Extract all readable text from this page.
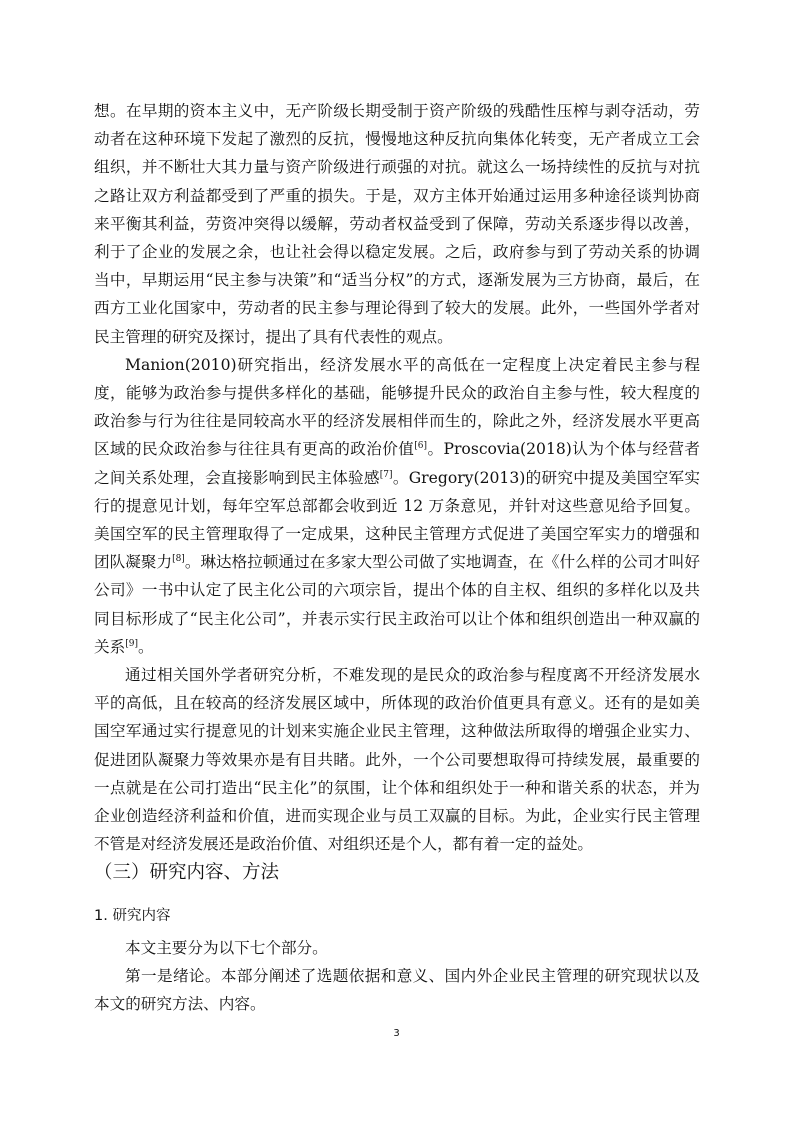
想。在早期的资本主义中，无产阶级长期受制于资产阶级的残酷性压榨与剥夺活动，劳动者在这种环境下发起了激烈的反抗，慢慢地这种反抗向集体化转变，无产者成立工会组织，并不断壮大其力量与资产阶级进行顽强的对抗。就这么一场持续性的反抗与对抗之路让双方利益都受到了严重的损失。于是，双方主体开始通过运用多种途径谈判协商来平衡其利益，劳资冲突得以缓解，劳动者权益受到了保障，劳动关系逐步得以改善，利于了企业的发展之余，也让社会得以稳定发展。之后，政府参与到了劳动关系的协调当中，早期运用“民主参与决策”和“适当分权”的方式，逐渐发展为三方协商，最后，在西方工业化国家中，劳动者的民主参与理论得到了较大的发展。此外，一些国外学者对民主管理的研究及探讨，提出了具有代表性的观点。

Manion(2010)研究指出，经济发展水平的高低在一定程度上决定着民主参与程度，能够为政治参与提供多样化的基础，能够提升民众的政治自主参与性，较大程度的政治参与行为往往是同较高水平的经济发展相伴而生的，除此之外，经济发展水平更高区域的民众政治参与往往具有更高的政治价值[6]。Proscovia(2018)认为个体与经营者之间关系处理，会直接影响到民主体验感[7]。Gregory(2013)的研究中提及美国空军实行的提意见计划，每年空军总部都会收到近 12 万条意见，并针对这些意见给予回复。美国空军的民主管理取得了一定成果，这种民主管理方式促进了美国空军实力的增强和团队凝聚力[8]。琳达格拉顿通过在多家大型公司做了实地调查，在《什么样的公司才叫好公司》一书中认定了民主化公司的六项宗旨，提出个体的自主权、组织的多样化以及共同目标形成了“民主化公司”，并表示实行民主政治可以让个体和组织创造出一种双赢的关系[9]。

通过相关国外学者研究分析，不难发现的是民众的政治参与程度离不开经济发展水平的高低，且在较高的经济发展区域中，所体现的政治价值更具有意义。还有的是如美国空军通过实行提意见的计划来实施企业民主管理，这种做法所取得的增强企业实力、促进团队凝聚力等效果亦是有目共睹。此外，一个公司要想取得可持续发展，最重要的一点就是在公司打造出“民主化”的氛围，让个体和组织处于一种和谐关系的状态，并为企业创造经济利益和价值，进而实现企业与员工双赢的目标。为此，企业实行民主管理不管是对经济发展还是政治价值、对组织还是个人，都有着一定的益处。

（三）研究内容、方法
1. 研究内容

本文主要分为以下七个部分。

第一是绪论。本部分阐述了选题依据和意义、国内外企业民主管理的研究现状以及本文的研究方法、内容。

3
